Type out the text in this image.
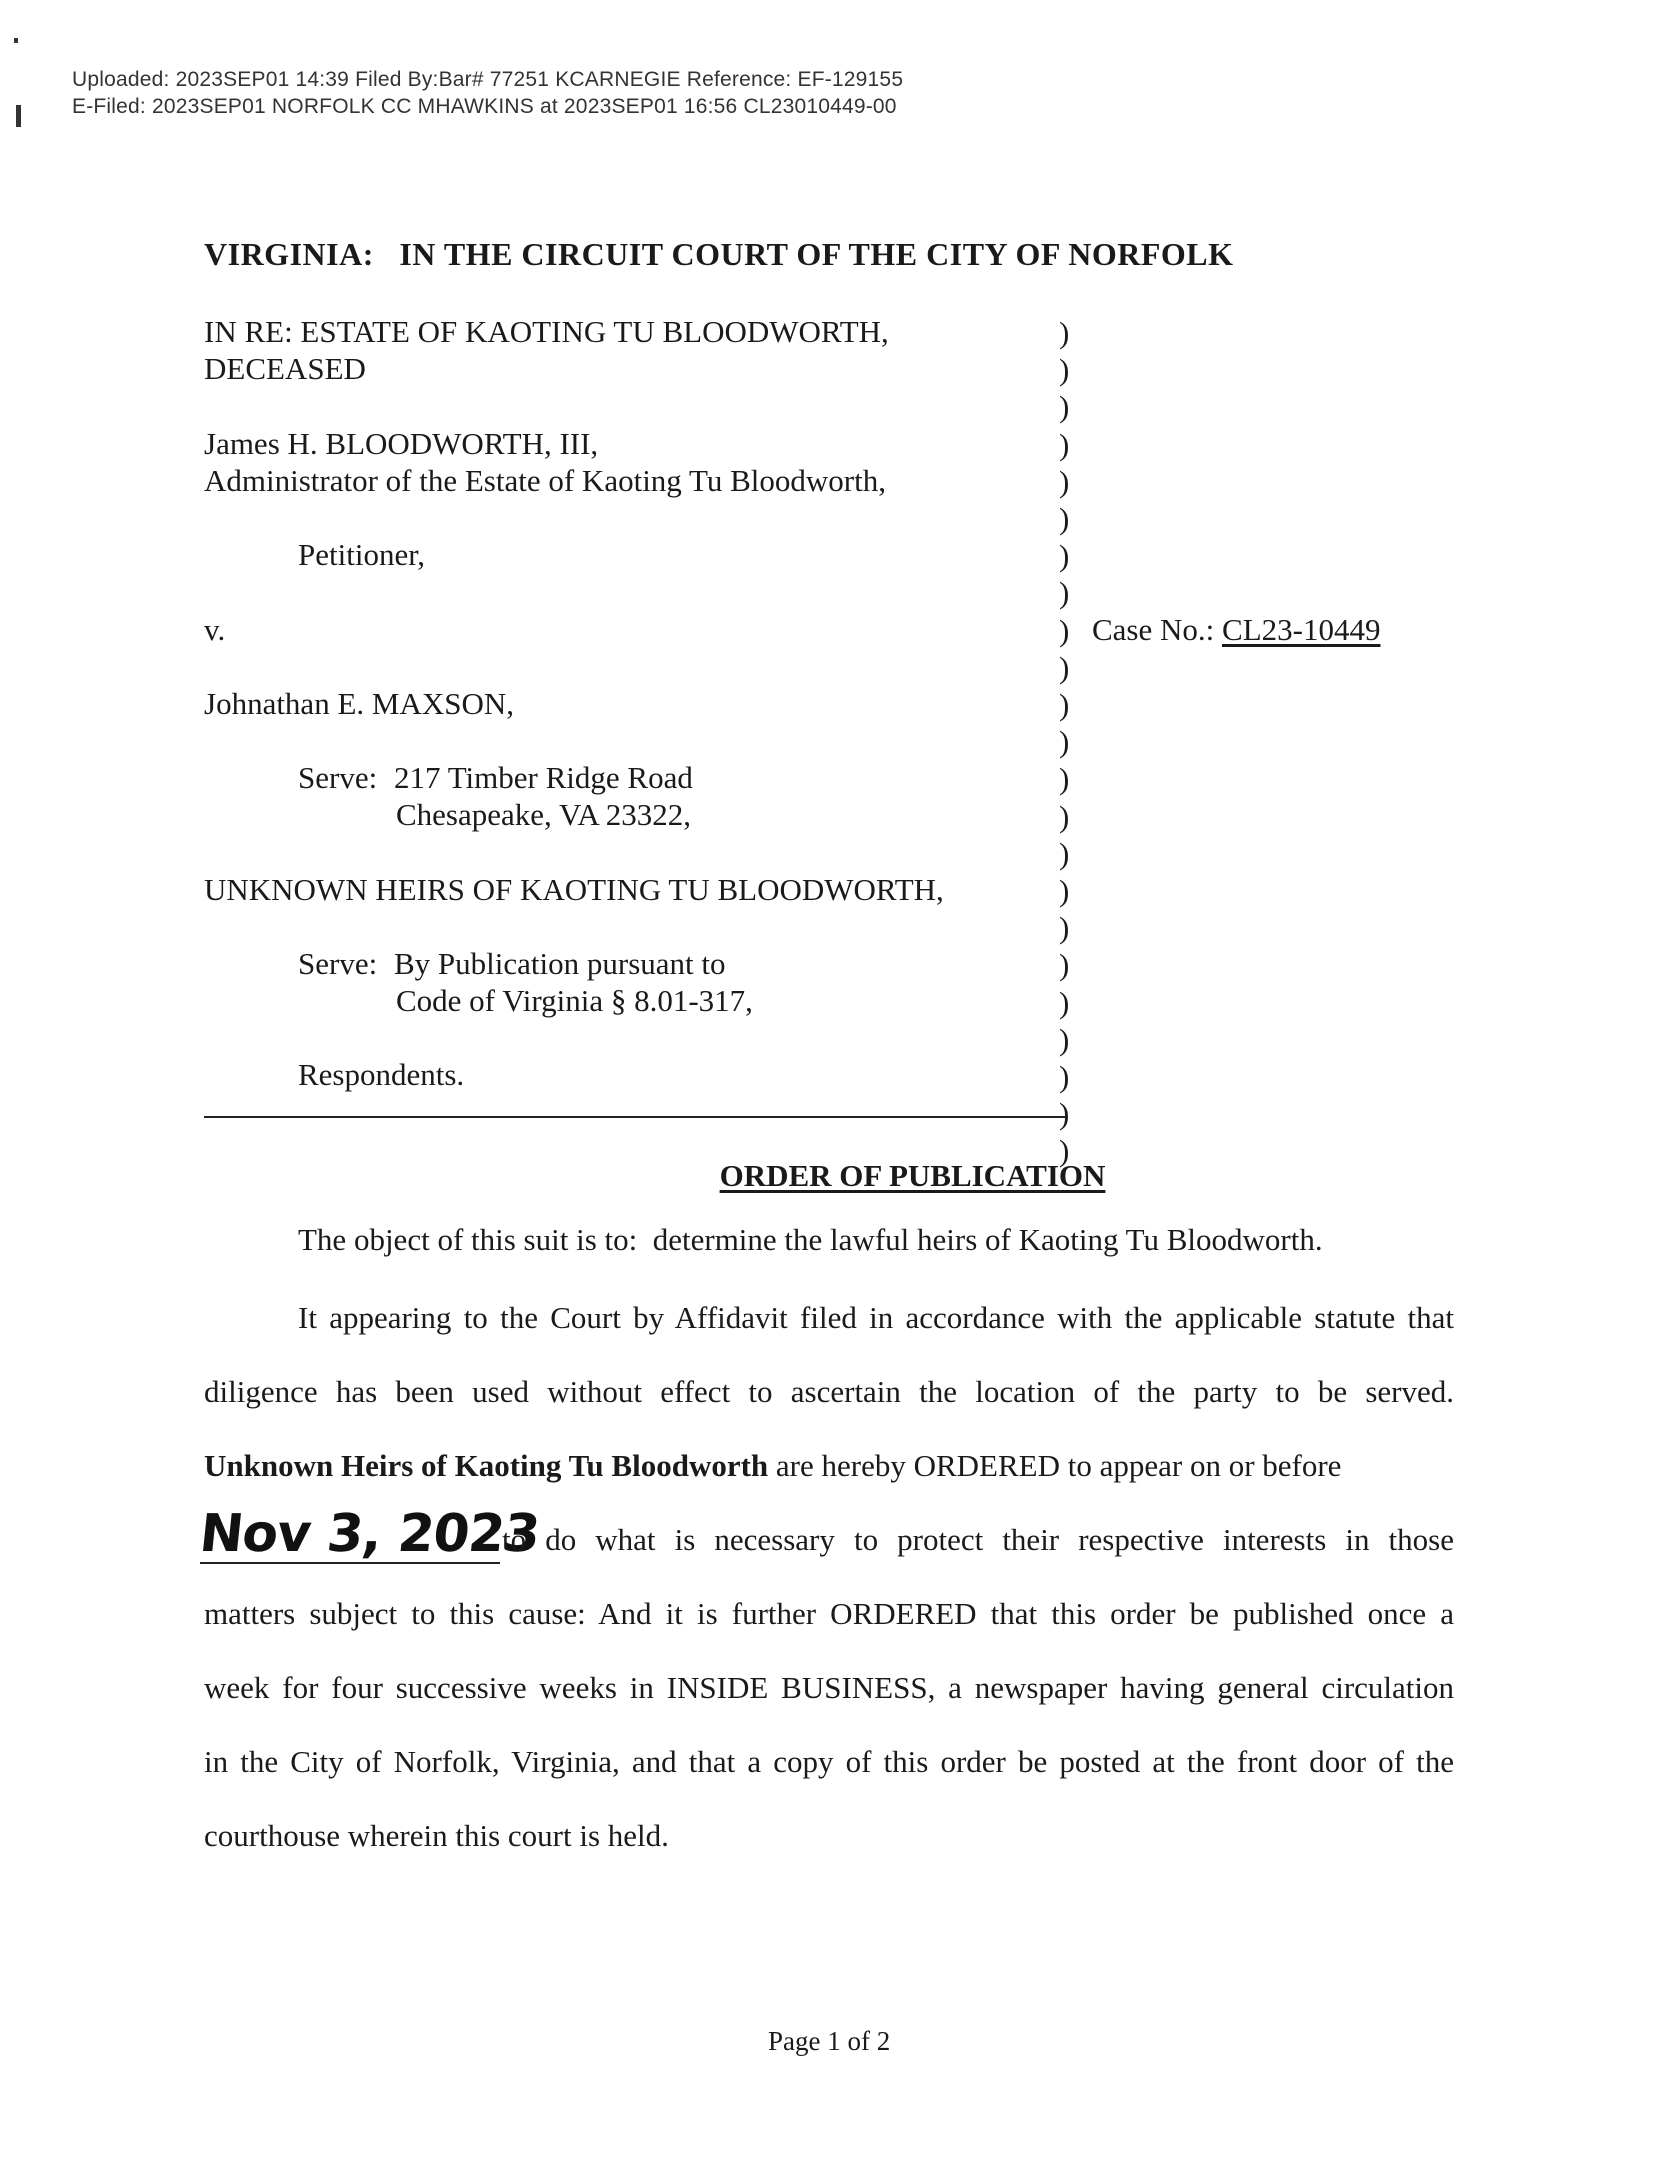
Uploaded: 2023SEP01 14:39 Filed By:Bar# 77251 KCARNEGIE Reference: EF-129155
E-Filed: 2023SEP01 NORFOLK CC MHAWKINS at 2023SEP01 16:56 CL23010449-00
VIRGINIA:   IN THE CIRCUIT COURT OF THE CITY OF NORFOLK
IN RE: ESTATE OF KAOTING TU BLOODWORTH,
DECEASED
James H. BLOODWORTH, III,
Administrator of the Estate of Kaoting Tu Bloodworth,
Petitioner,
v.
Johnathan E. MAXSON,
Serve: 217 Timber Ridge Road
Chesapeake, VA 23322,
UNKNOWN HEIRS OF KAOTING TU BLOODWORTH,
Serve: By Publication pursuant to
Code of Virginia § 8.01-317,
Respondents.
)
)
)
)
)
)
)
)
)
)
)
)
)
)
)
)
)
)
)
)
)
)
)
Case No.: CL23-10449
ORDER OF PUBLICATION
The object of this suit is to:  determine the lawful heirs of Kaoting Tu Bloodworth.
It appearing to the Court by Affidavit filed in accordance with the applicable statute that
diligence has been used without effect to ascertain the location of the party to be served.
Unknown Heirs of Kaoting Tu Bloodworth are hereby ORDERED to appear on or before
Nov 3, 2023
to do what is necessary to protect their respective interests in those
matters subject to this cause: And it is further ORDERED that this order be published once a
week for four successive weeks in INSIDE BUSINESS, a newspaper having general circulation
in the City of Norfolk, Virginia, and that a copy of this order be posted at the front door of the
courthouse wherein this court is held.
Page 1 of 2
